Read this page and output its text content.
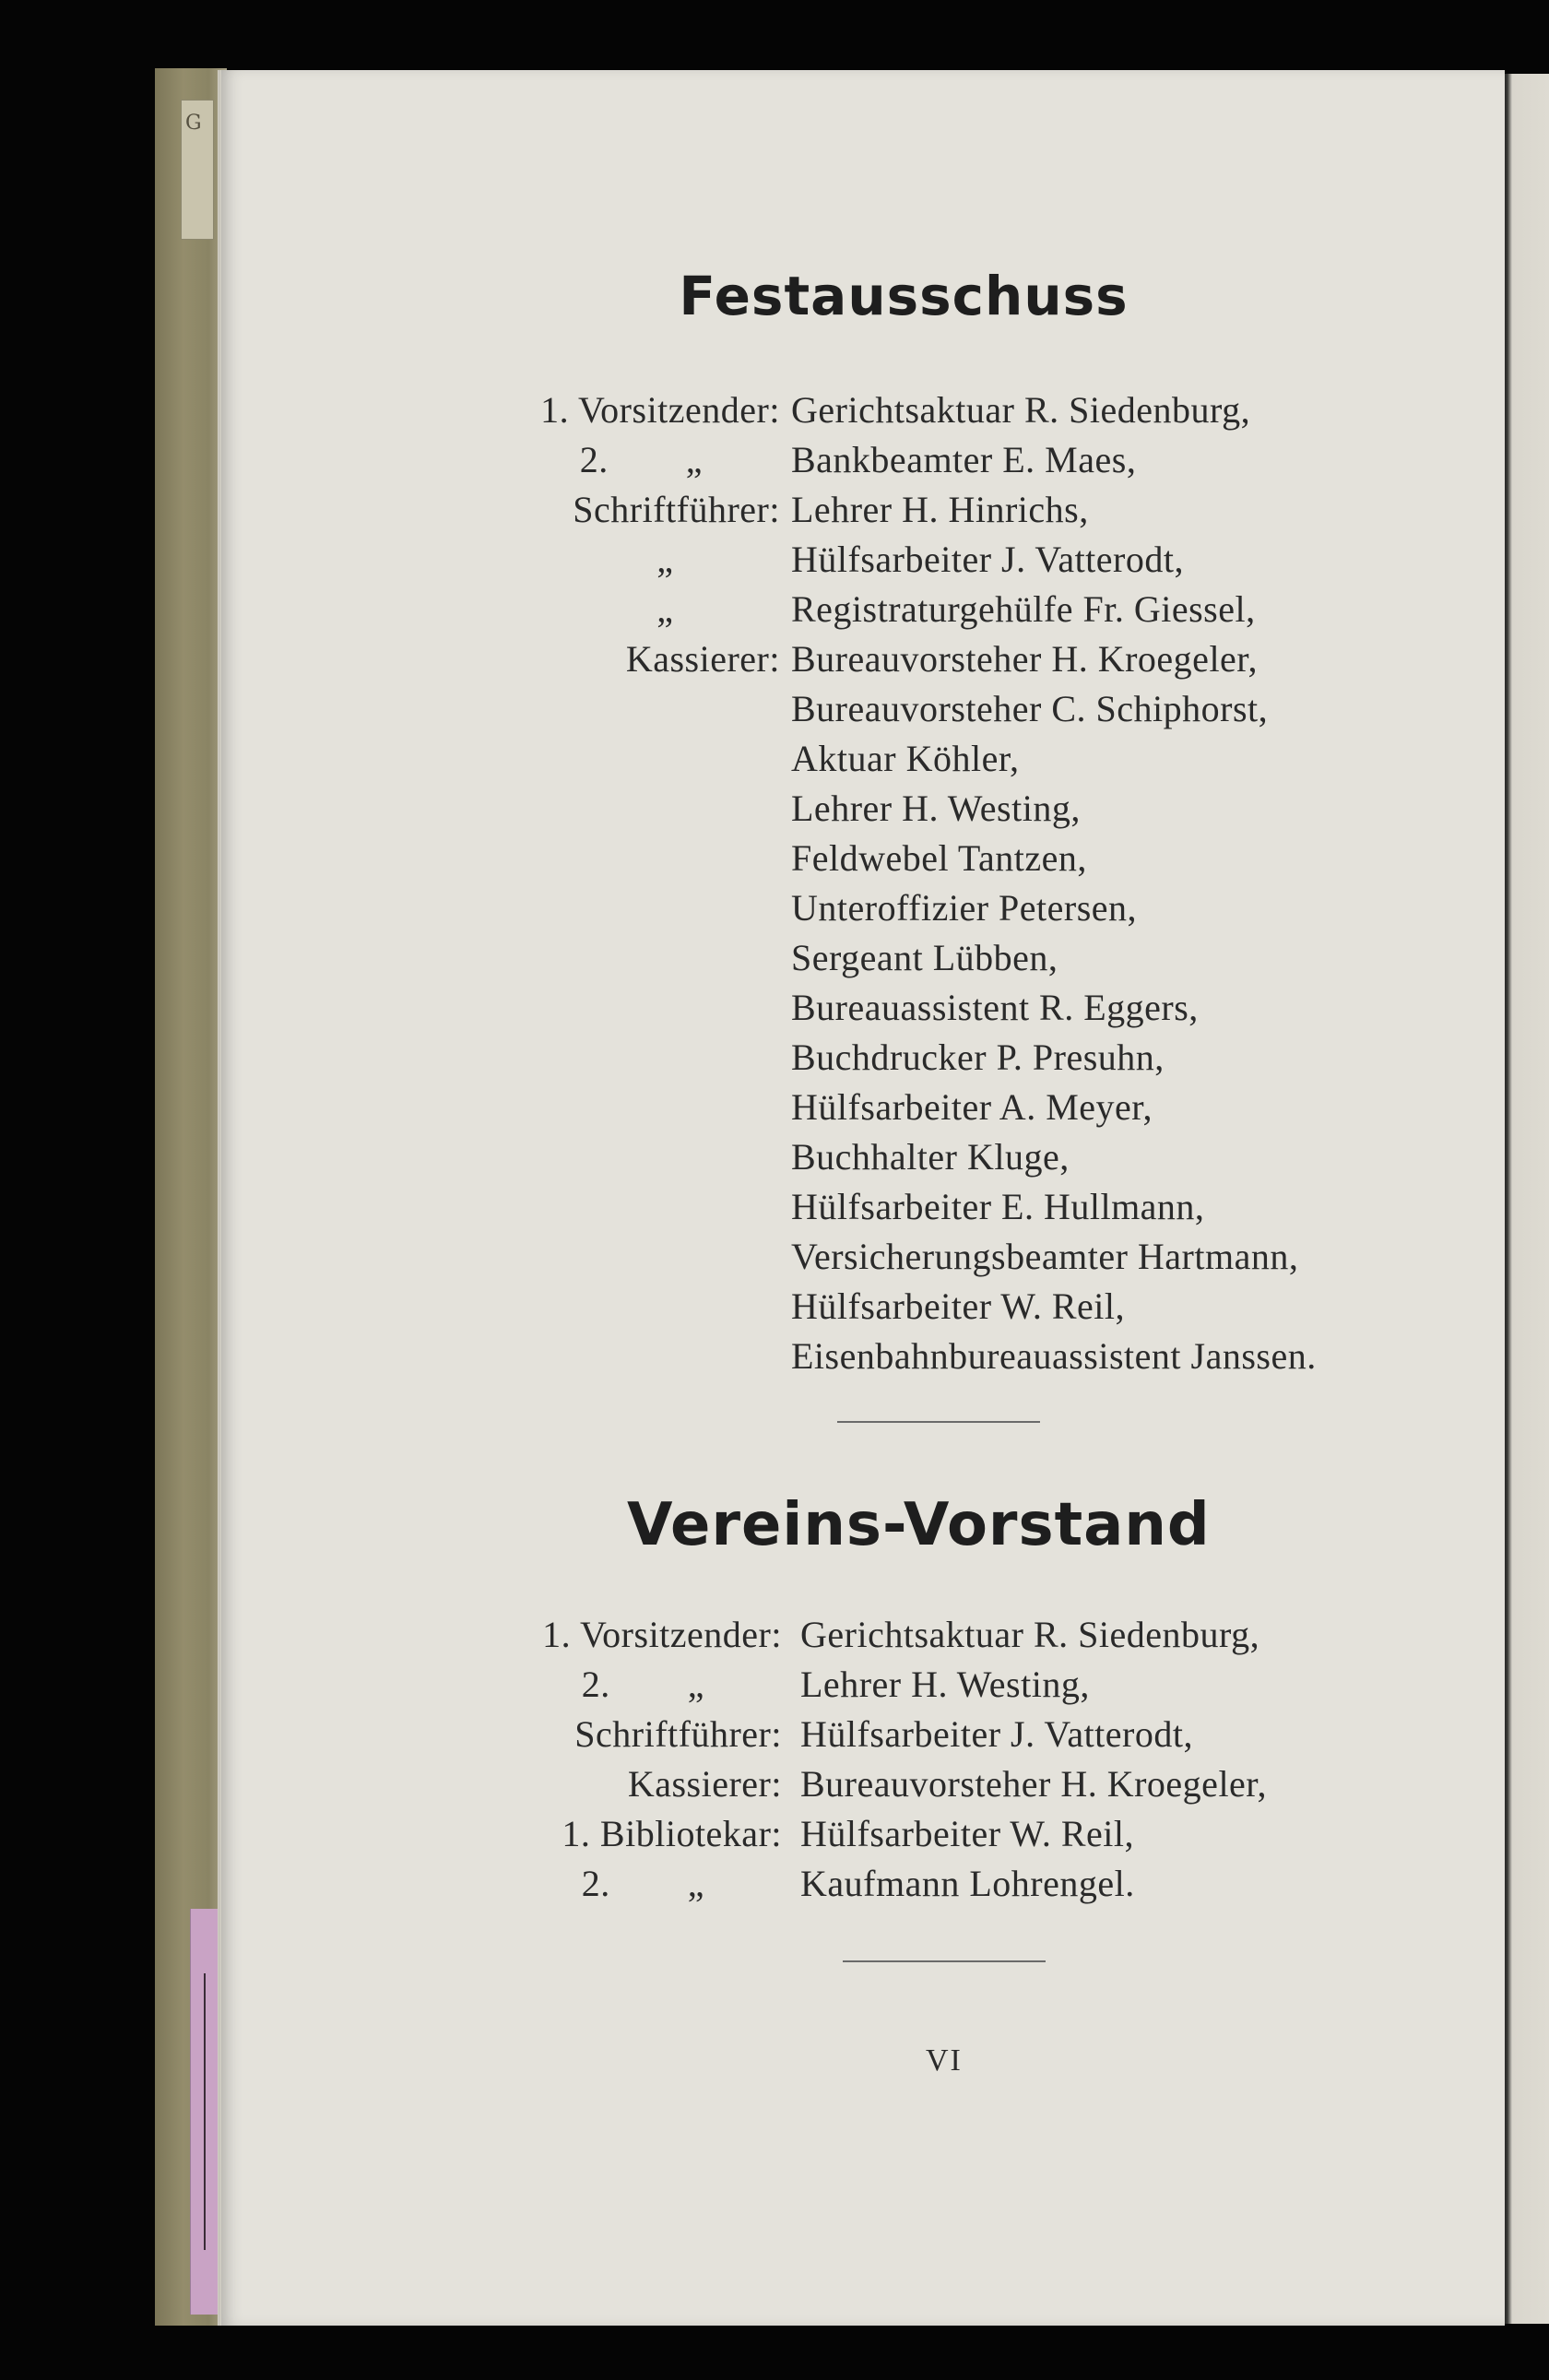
G
Festausschuss
1. Vorsitzender: Gerichtsaktuar R. Siedenburg,
2.        „ Bankbeamter E. Maes,
Schriftführer: Lehrer H. Hinrichs,
„ Hülfsarbeiter J. Vatterodt,
„ Registraturgehülfe Fr. Giessel,
Kassierer: Bureauvorsteher H. Kroegeler,
Bureauvorsteher C. Schiphorst,
Aktuar Köhler,
Lehrer H. Westing,
Feldwebel Tantzen,
Unteroffizier Petersen,
Sergeant Lübben,
Bureauassistent R. Eggers,
Buchdrucker P. Presuhn,
Hülfsarbeiter A. Meyer,
Buchhalter Kluge,
Hülfsarbeiter E. Hullmann,
Versicherungsbeamter Hartmann,
Hülfsarbeiter W. Reil,
Eisenbahnbureauassistent Janssen.
Vereins-Vorstand
1. Vorsitzender: Gerichtsaktuar R. Siedenburg,
2.        „ Lehrer H. Westing,
Schriftführer: Hülfsarbeiter J. Vatterodt,
Kassierer: Bureauvorsteher H. Kroegeler,
1. Bibliotekar: Hülfsarbeiter W. Reil,
2.        „ Kaufmann Lohrengel.
VI
